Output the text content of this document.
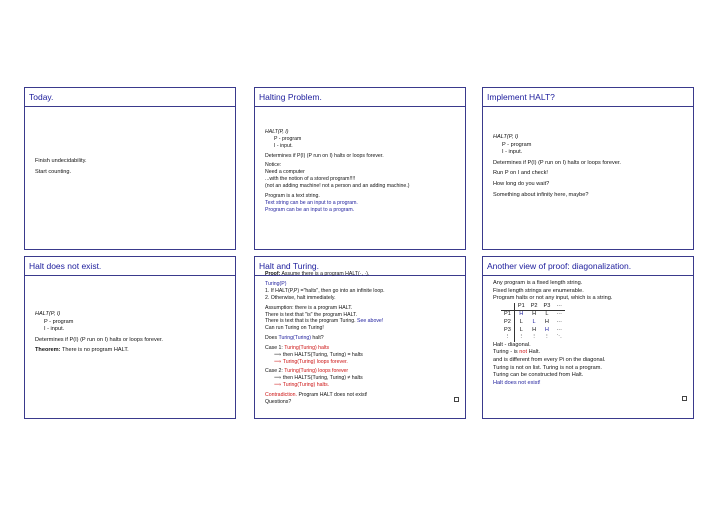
Today.
Finish undecidability.
Start counting.
Halting Problem.
HALT(P, I)
P - program
I - input.
Determines if P(I) (P run on I) halts or loops forever.
Notice:
Need a computer
...with the notion of a stored program!!!!
(not an adding machine! not a person and an adding machine.)
Program is a text string.
Text string can be an input to a program.
Program can be an input to a program.
Implement HALT?
HALT(P, I)
P - program
I - input.
Determines if P(I) (P run on I) halts or loops forever.
Run P on I and check!
How long do you wait?
Something about infinity here, maybe?
Halt does not exist.
HALT(P, I)
P - program
I - input.
Determines if P(I) (P run on I) halts or loops forever.
Theorem: There is no program HALT.
Halt and Turing.
Proof: Assume there is a program HALT(·, ·).
Turing(P)
1. If HALT(P,P) ="halts", then go into an infinite loop.
2. Otherwise, halt immediately.
Assumption: there is a program HALT.
There is text that "is" the program HALT.
There is text that is the program Turing. See above!
Can run Turing on Turing!
Does Turing(Turing) halt?
Case 1: Turing(Turing) halts
⟹ then HALTS(Turing, Turing) = halts
⟹ Turing(Turing) loops forever.
Case 2: Turing(Turing) loops forever
⟹ then HALTS(Turing, Turing) ≠ halts
⟹ Turing(Turing) halts.
Contradiction. Program HALT does not exist!
Questions?
Another view of proof: diagonalization.
Any program is a fixed length string.
Fixed length strings are enumerable.
Program halts or not any input, which is a string.
	P1	P2	P3	···
P1	H	H	L	···
P2	L	L	H	···
P3	L	H	H	···
⋮	⋮	⋮	⋮	⋱
Halt - diagonal.
Turing - is not Halt.
and is different from every Pi on the diagonal.
Turing is not on list. Turing is not a program.
Turing can be constructed from Halt.
Halt does not exist!
